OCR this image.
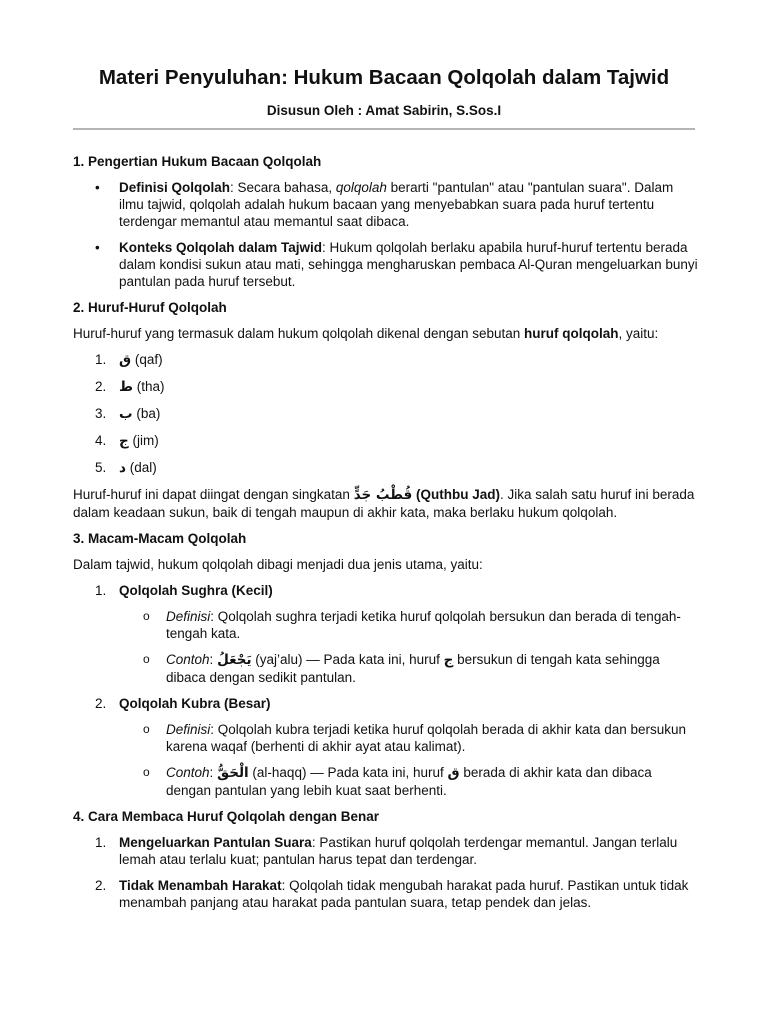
Materi Penyuluhan: Hukum Bacaan Qolqolah dalam Tajwid
Disusun Oleh : Amat Sabirin, S.Sos.I
1. Pengertian Hukum Bacaan Qolqolah
• Definisi Qolqolah: Secara bahasa, qolqolah berarti "pantulan" atau "pantulan suara". Dalam ilmu tajwid, qolqolah adalah hukum bacaan yang menyebabkan suara pada huruf tertentu terdengar memantul atau memantul saat dibaca.
• Konteks Qolqolah dalam Tajwid: Hukum qolqolah berlaku apabila huruf-huruf tertentu berada dalam kondisi sukun atau mati, sehingga mengharuskan pembaca Al-Quran mengeluarkan bunyi pantulan pada huruf tersebut.
2. Huruf-Huruf Qolqolah

Huruf-huruf yang termasuk dalam hukum qolqolah dikenal dengan sebutan huruf qolqolah, yaitu:

1. ق (qaf)
2. ط (tha)
3. ب (ba)
4. ج (jim)
5. د (dal)

Huruf-huruf ini dapat diingat dengan singkatan قُطْبُ جَدٍّ (Quthbu Jad). Jika salah satu huruf ini berada dalam keadaan sukun, baik di tengah maupun di akhir kata, maka berlaku hukum qolqolah.

3. Macam-Macam Qolqolah

Dalam tajwid, hukum qolqolah dibagi menjadi dua jenis utama, yaitu:

1. Qolqolah Sughra (Kecil)
o Definisi: Qolqolah sughra terjadi ketika huruf qolqolah bersukun dan berada di tengah-tengah kata.
o Contoh: يَجْعَلُ (yaj’alu) — Pada kata ini, huruf ج bersukun di tengah kata sehingga dibaca dengan sedikit pantulan.
2. Qolqolah Kubra (Besar)
o Definisi: Qolqolah kubra terjadi ketika huruf qolqolah berada di akhir kata dan bersukun karena waqaf (berhenti di akhir ayat atau kalimat).
o Contoh: الْحَقُّ (al-haqq) — Pada kata ini, huruf ق berada di akhir kata dan dibaca dengan pantulan yang lebih kuat saat berhenti.
4. Cara Membaca Huruf Qolqolah dengan Benar
1. Mengeluarkan Pantulan Suara: Pastikan huruf qolqolah terdengar memantul. Jangan terlalu lemah atau terlalu kuat; pantulan harus tepat dan terdengar.
2. Tidak Menambah Harakat: Qolqolah tidak mengubah harakat pada huruf. Pastikan untuk tidak menambah panjang atau harakat pada pantulan suara, tetap pendek dan jelas.
